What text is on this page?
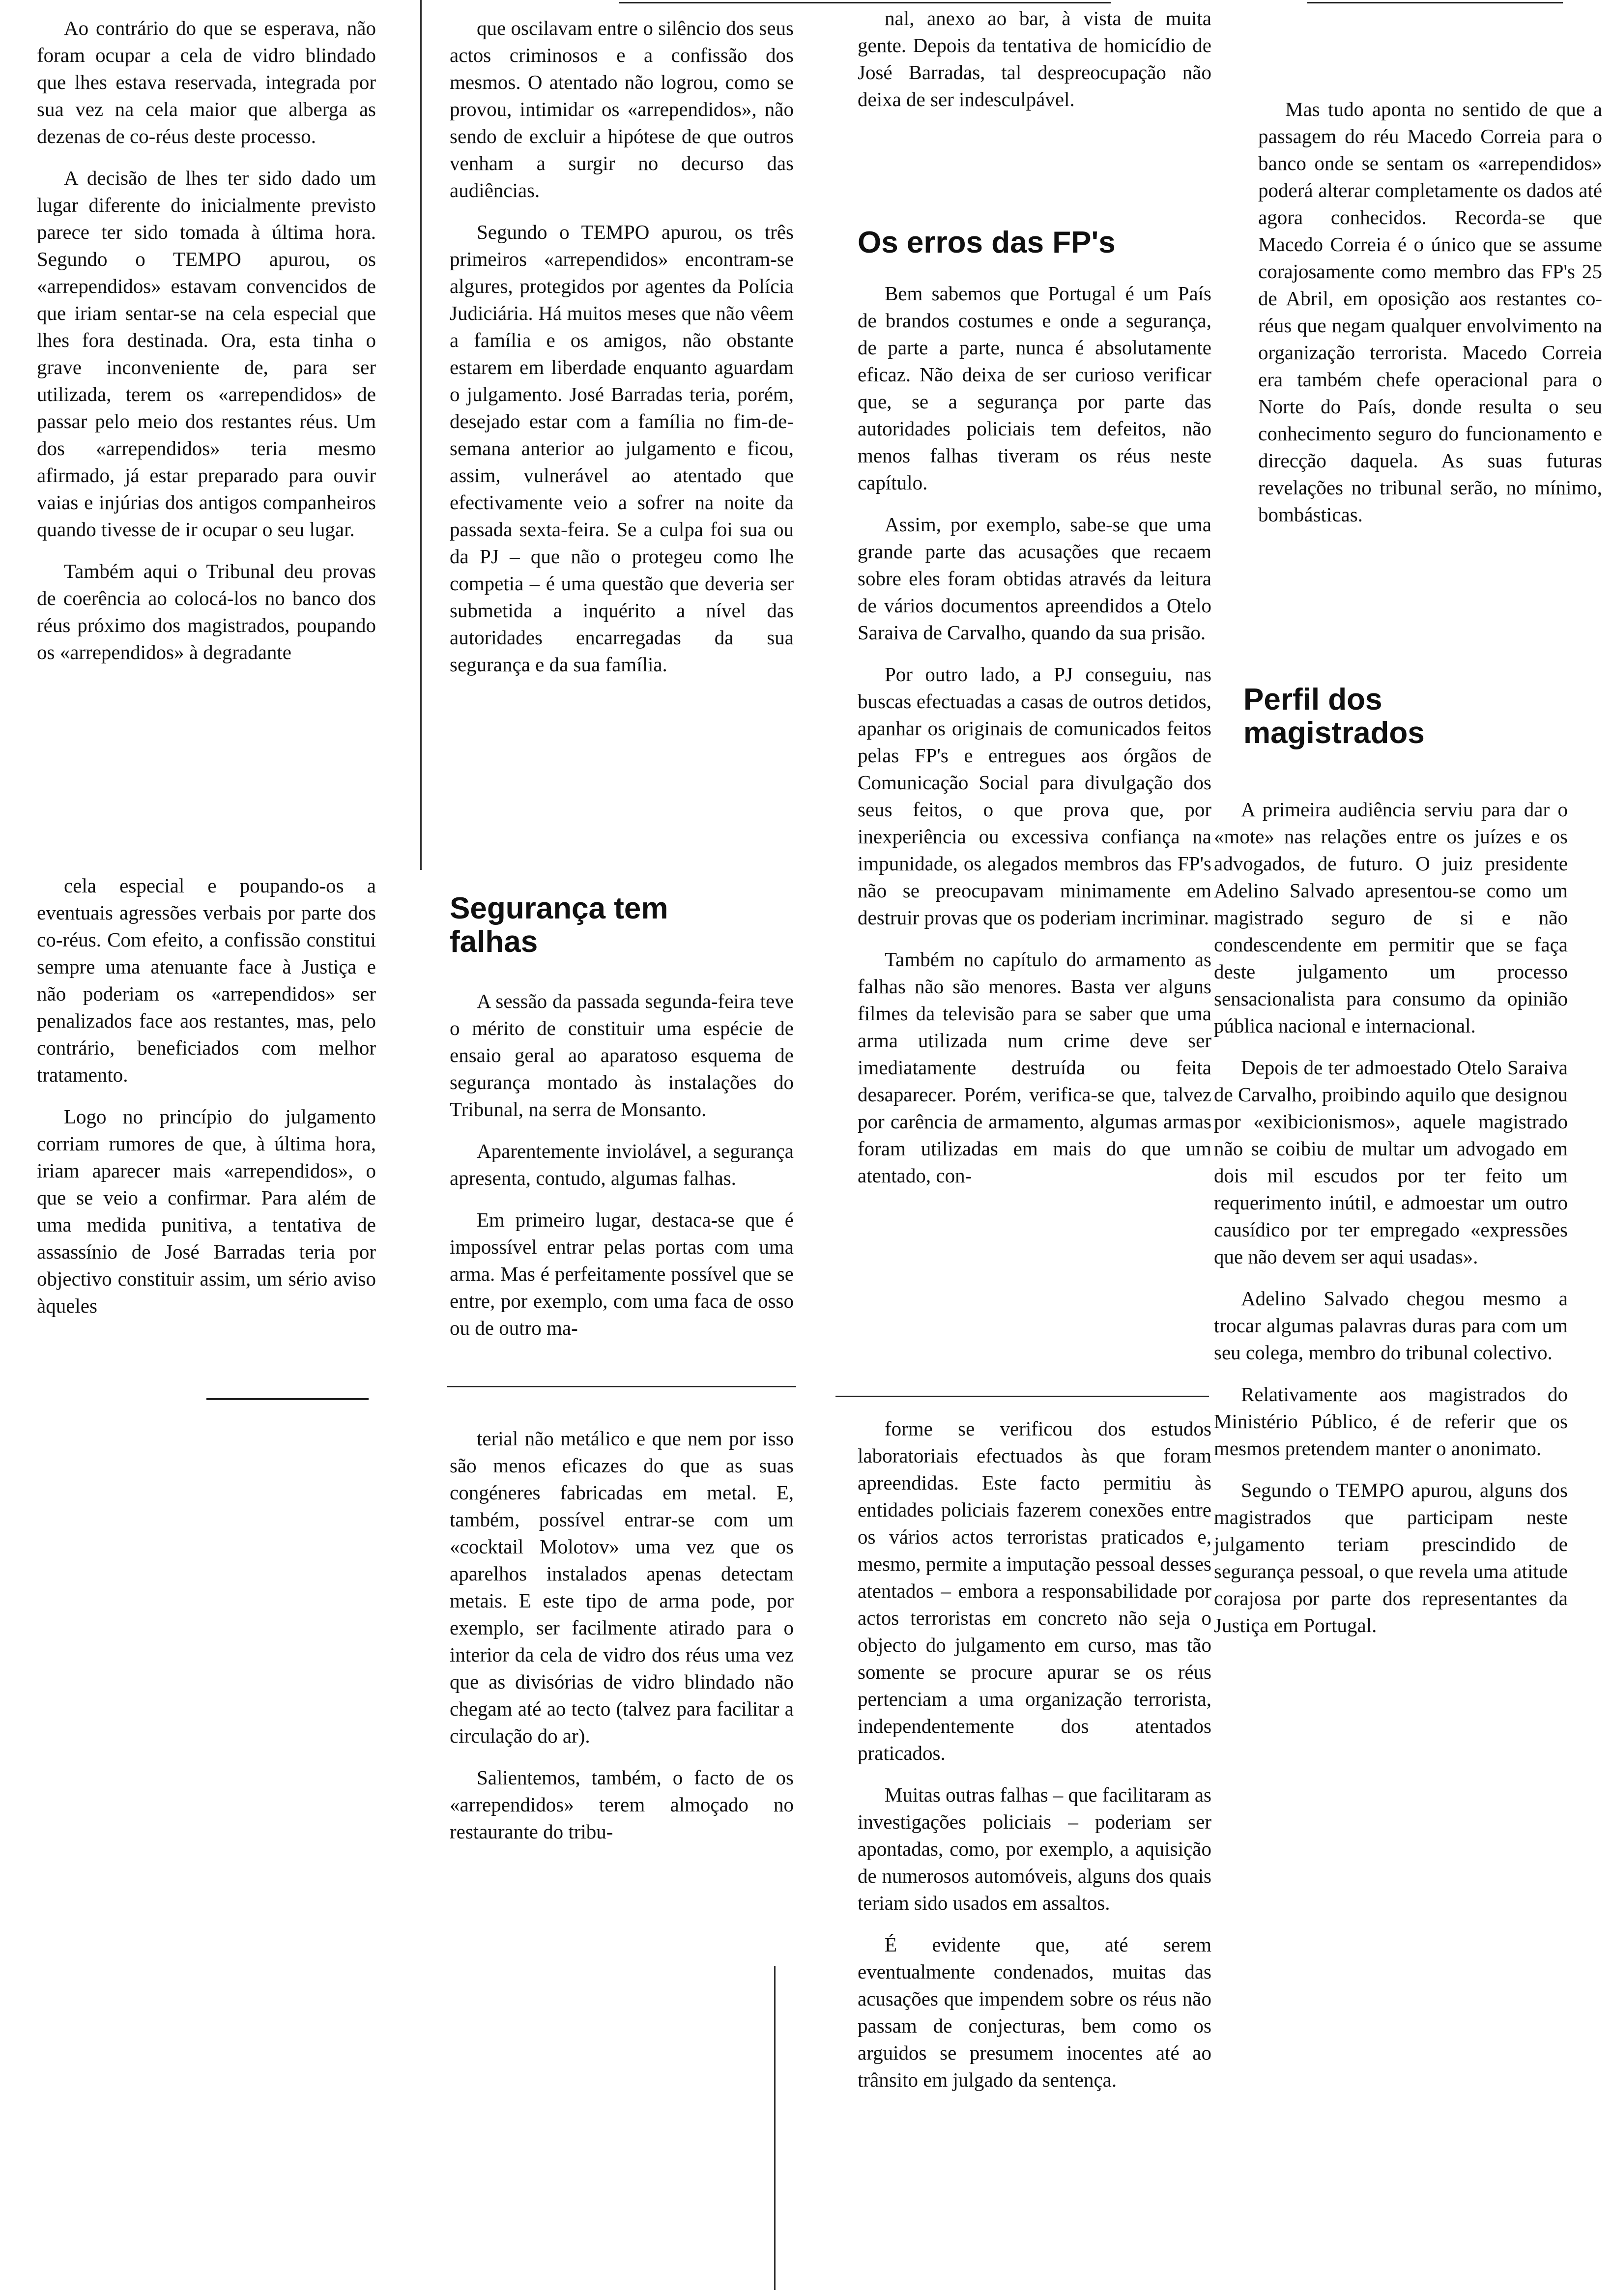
Ao contrário do que se esperava, não foram ocupar a cela de vidro blindado que lhes estava reservada, integrada por sua vez na cela maior que alberga as dezenas de co-réus deste processo.

A decisão de lhes ter sido dado um lugar diferente do inicialmente previsto parece ter sido tomada à última hora. Segundo o TEMPO apurou, os «arrependidos» estavam convencidos de que iriam sentar-se na cela especial que lhes fora destinada. Ora, esta tinha o grave inconveniente de, para ser utilizada, terem os «arrependidos» de passar pelo meio dos restantes réus. Um dos «arrependidos» teria mesmo afirmado, já estar preparado para ouvir vaias e injúrias dos antigos companheiros quando tivesse de ir ocupar o seu lugar.

Também aqui o Tribunal deu provas de coerência ao colocá-los no banco dos réus próximo dos magistrados, poupando os «arrependidos» à degradante

cela especial e poupando-os a eventuais agressões verbais por parte dos co-réus. Com efeito, a confissão constitui sempre uma atenuante face à Justiça e não poderiam os «arrependidos» ser penalizados face aos restantes, mas, pelo contrário, beneficiados com melhor tratamento.

Logo no princípio do julgamento corriam rumores de que, à última hora, iriam aparecer mais «arrependidos», o que se veio a confirmar. Para além de uma medida punitiva, a tentativa de assassínio de José Barradas teria por objectivo constituir assim, um sério aviso àqueles

que oscilavam entre o silêncio dos seus actos criminosos e a confissão dos mesmos. O atentado não logrou, como se provou, intimidar os «arrependidos», não sendo de excluir a hipótese de que outros venham a surgir no decurso das audiências.

Segundo o TEMPO apurou, os três primeiros «arrependidos» encontram-se algures, protegidos por agentes da Polícia Judiciária. Há muitos meses que não vêem a família e os amigos, não obstante estarem em liberdade enquanto aguardam o julgamento. José Barradas teria, porém, desejado estar com a família no fim-de-semana anterior ao julgamento e ficou, assim, vulnerável ao atentado que efectivamente veio a sofrer na noite da passada sexta-feira. Se a culpa foi sua ou da PJ – que não o protegeu como lhe competia – é uma questão que deveria ser submetida a inquérito a nível das autoridades encarregadas da sua segurança e da sua família.

Segurança tem falhas

A sessão da passada segunda-feira teve o mérito de constituir uma espécie de ensaio geral ao aparatoso esquema de segurança montado às instalações do Tribunal, na serra de Monsanto.

Aparentemente inviolável, a segurança apresenta, contudo, algumas falhas.

Em primeiro lugar, destaca-se que é impossível entrar pelas portas com uma arma. Mas é perfeitamente possível que se entre, por exemplo, com uma faca de osso ou de outro ma-

terial não metálico e que nem por isso são menos eficazes do que as suas congéneres fabricadas em metal. E, também, possível entrar-se com um «cocktail Molotov» uma vez que os aparelhos instalados apenas detectam metais. E este tipo de arma pode, por exemplo, ser facilmente atirado para o interior da cela de vidro dos réus uma vez que as divisórias de vidro blindado não chegam até ao tecto (talvez para facilitar a circulação do ar).

Salientemos, também, o facto de os «arrependidos» terem almoçado no restaurante do tribu-

nal, anexo ao bar, à vista de muita gente. Depois da tentativa de homicídio de José Barradas, tal despreocupação não deixa de ser indesculpável.

Os erros das FP's

Bem sabemos que Portugal é um País de brandos costumes e onde a segurança, de parte a parte, nunca é absolutamente eficaz. Não deixa de ser curioso verificar que, se a segurança por parte das autoridades policiais tem defeitos, não menos falhas tiveram os réus neste capítulo.

Assim, por exemplo, sabe-se que uma grande parte das acusações que recaem sobre eles foram obtidas através da leitura de vários documentos apreendidos a Otelo Saraiva de Carvalho, quando da sua prisão.

Por outro lado, a PJ conseguiu, nas buscas efectuadas a casas de outros detidos, apanhar os originais de comunicados feitos pelas FP's e entregues aos órgãos de Comunicação Social para divulgação dos seus feitos, o que prova que, por inexperiência ou excessiva confiança na impunidade, os alegados membros das FP's não se preocupavam minimamente em destruir provas que os poderiam incriminar.

Também no capítulo do armamento as falhas não são menores. Basta ver alguns filmes da televisão para se saber que uma arma utilizada num crime deve ser imediatamente destruída ou feita desaparecer. Porém, verifica-se que, talvez por carência de armamento, algumas armas foram utilizadas em mais do que um atentado, con-

forme se verificou dos estudos laboratoriais efectuados às que foram apreendidas. Este facto permitiu às entidades policiais fazerem conexões entre os vários actos terroristas praticados e, mesmo, permite a imputação pessoal desses atentados – embora a responsabilidade por actos terroristas em concreto não seja o objecto do julgamento em curso, mas tão somente se procure apurar se os réus pertenciam a uma organização terrorista, independentemente dos atentados praticados.

Muitas outras falhas – que facilitaram as investigações policiais – poderiam ser apontadas, como, por exemplo, a aquisição de numerosos automóveis, alguns dos quais teriam sido usados em assaltos.

É evidente que, até serem eventualmente condenados, muitas das acusações que impendem sobre os réus não passam de conjecturas, bem como os arguidos se presumem inocentes até ao trânsito em julgado da sentença.

Mas tudo aponta no sentido de que a passagem do réu Macedo Correia para o banco onde se sentam os «arrependidos» poderá alterar completamente os dados até agora conhecidos. Recorda-se que Macedo Correia é o único que se assume corajosamente como membro das FP's 25 de Abril, em oposição aos restantes co-réus que negam qualquer envolvimento na organização terrorista. Macedo Correia era também chefe operacional para o Norte do País, donde resulta o seu conhecimento seguro do funcionamento e direcção daquela. As suas futuras revelações no tribunal serão, no mínimo, bombásticas.

Perfil dos magistrados

A primeira audiência serviu para dar o «mote» nas relações entre os juízes e os advogados, de futuro. O juiz presidente Adelino Salvado apresentou-se como um magistrado seguro de si e não condescendente em permitir que se faça deste julgamento um processo sensacionalista para consumo da opinião pública nacional e internacional.

Depois de ter admoestado Otelo Saraiva de Carvalho, proibindo aquilo que designou por «exibicionismos», aquele magistrado não se coibiu de multar um advogado em dois mil escudos por ter feito um requerimento inútil, e admoestar um outro causídico por ter empregado «expressões que não devem ser aqui usadas».

Adelino Salvado chegou mesmo a trocar algumas palavras duras para com um seu colega, membro do tribunal colectivo.

Relativamente aos magistrados do Ministério Público, é de referir que os mesmos pretendem manter o anonimato.

Segundo o TEMPO apurou, alguns dos magistrados que participam neste julgamento teriam prescindido de segurança pessoal, o que revela uma atitude corajosa por parte dos representantes da Justiça em Portugal.
